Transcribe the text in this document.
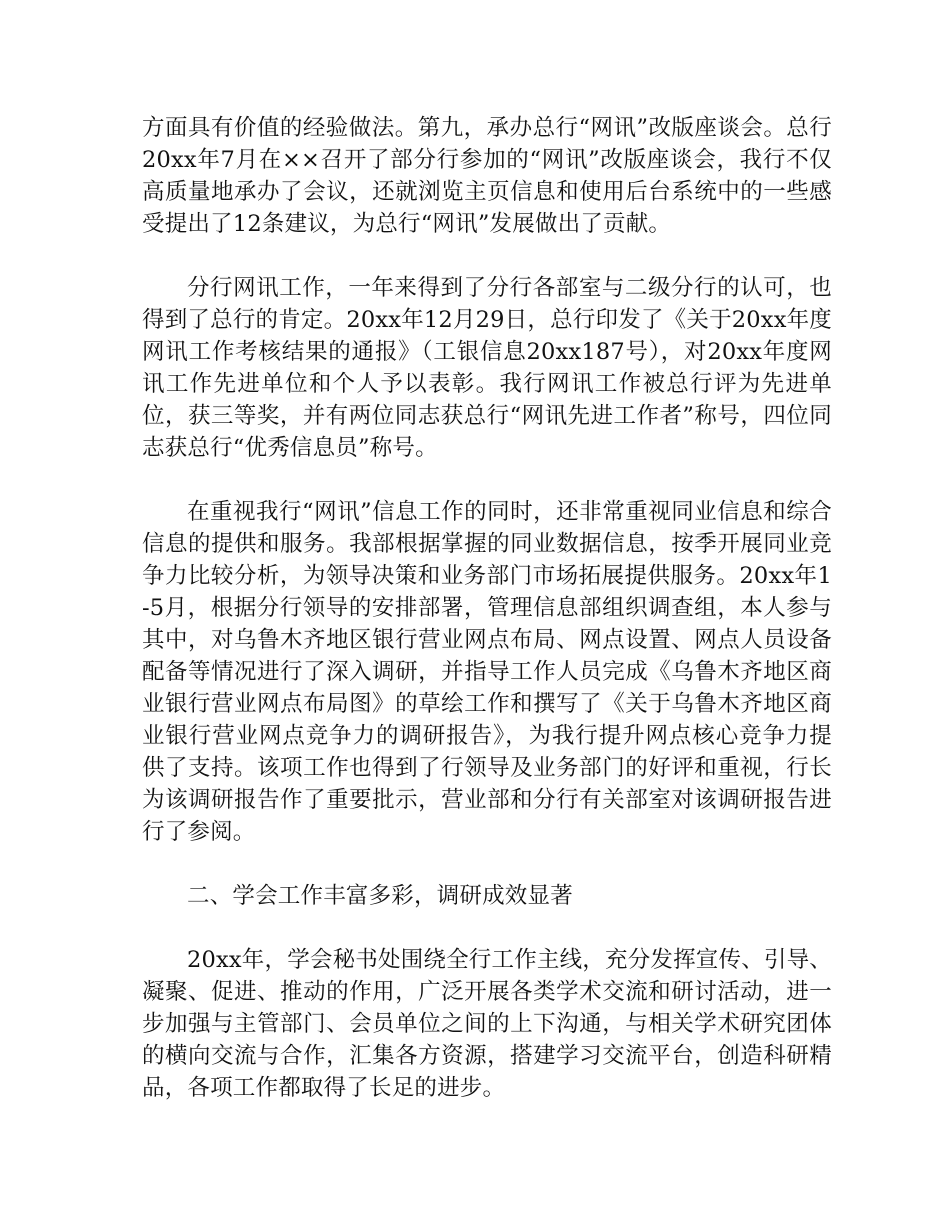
方面具有价值的经验做法。第九，承办总行“网讯”改版座谈会。总行20xx年7月在××召开了部分行参加的“网讯”改版座谈会，我行不仅高质量地承办了会议，还就浏览主页信息和使用后台系统中的一些感受提出了12条建议，为总行“网讯”发展做出了贡献。

分行网讯工作，一年来得到了分行各部室与二级分行的认可，也得到了总行的肯定。20xx年12月29日，总行印发了《关于20xx年度网讯工作考核结果的通报》（工银信息20xx187号），对20xx年度网讯工作先进单位和个人予以表彰。我行网讯工作被总行评为先进单位，获三等奖，并有两位同志获总行“网讯先进工作者”称号，四位同志获总行“优秀信息员”称号。

在重视我行“网讯”信息工作的同时，还非常重视同业信息和综合信息的提供和服务。我部根据掌握的同业数据信息，按季开展同业竞争力比较分析，为领导决策和业务部门市场拓展提供服务。20xx年1-5月，根据分行领导的安排部署，管理信息部组织调查组，本人参与其中，对乌鲁木齐地区银行营业网点布局、网点设置、网点人员设备配备等情况进行了深入调研，并指导工作人员完成《乌鲁木齐地区商业银行营业网点布局图》的草绘工作和撰写了《关于乌鲁木齐地区商业银行营业网点竞争力的调研报告》，为我行提升网点核心竞争力提供了支持。该项工作也得到了行领导及业务部门的好评和重视，行长为该调研报告作了重要批示，营业部和分行有关部室对该调研报告进行了参阅。

二、学会工作丰富多彩，调研成效显著

20xx年，学会秘书处围绕全行工作主线，充分发挥宣传、引导、凝聚、促进、推动的作用，广泛开展各类学术交流和研讨活动，进一步加强与主管部门、会员单位之间的上下沟通，与相关学术研究团体的横向交流与合作，汇集各方资源，搭建学习交流平台，创造科研精品，各项工作都取得了长足的进步。
